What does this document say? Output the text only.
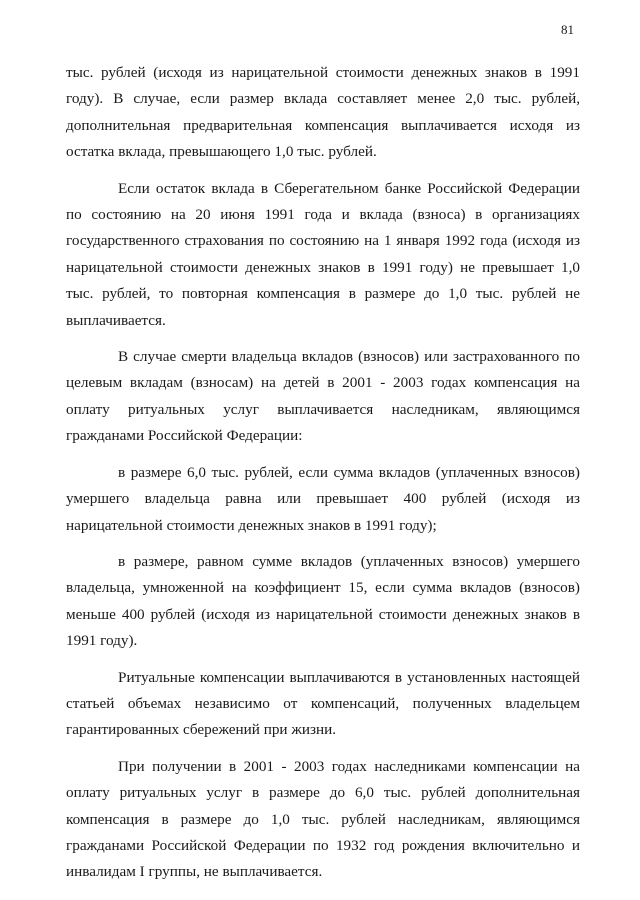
81

тыс. рублей (исходя из нарицательной стоимости денежных знаков в 1991 году). В случае, если размер вклада составляет менее 2,0 тыс. рублей, дополнительная предварительная компенсация выплачивается исходя из остатка вклада, превышающего 1,0 тыс. рублей.

Если остаток вклада в Сберегательном банке Российской Федерации по состоянию на 20 июня 1991 года и вклада (взноса) в организациях государственного страхования по состоянию на 1 января 1992 года (исходя из нарицательной стоимости денежных знаков в 1991 году) не превышает 1,0 тыс. рублей, то повторная компенсация в размере до 1,0 тыс. рублей не выплачивается.

В случае смерти владельца вкладов (взносов) или застрахованного по целевым вкладам (взносам) на детей в 2001 - 2003 годах компенсация на оплату ритуальных услуг выплачивается наследникам, являющимся гражданами Российской Федерации:

в размере 6,0 тыс. рублей, если сумма вкладов (уплаченных взносов) умершего владельца равна или превышает 400 рублей (исходя из нарицательной стоимости денежных знаков в 1991 году);

в размере, равном сумме вкладов (уплаченных взносов) умершего владельца, умноженной на коэффициент 15, если сумма вкладов (взносов) меньше 400 рублей (исходя из нарицательной стоимости денежных знаков в 1991 году).

Ритуальные компенсации выплачиваются в установленных настоящей статьей объемах независимо от компенсаций, полученных владельцем гарантированных сбережений при жизни.

При получении в 2001 - 2003 годах наследниками компенсации на оплату ритуальных услуг в размере до 6,0 тыс. рублей дополнительная компенсация в размере до 1,0 тыс. рублей наследникам, являющимся гражданами Российской Федерации по 1932 год рождения включительно и инвалидам I группы, не выплачивается.
